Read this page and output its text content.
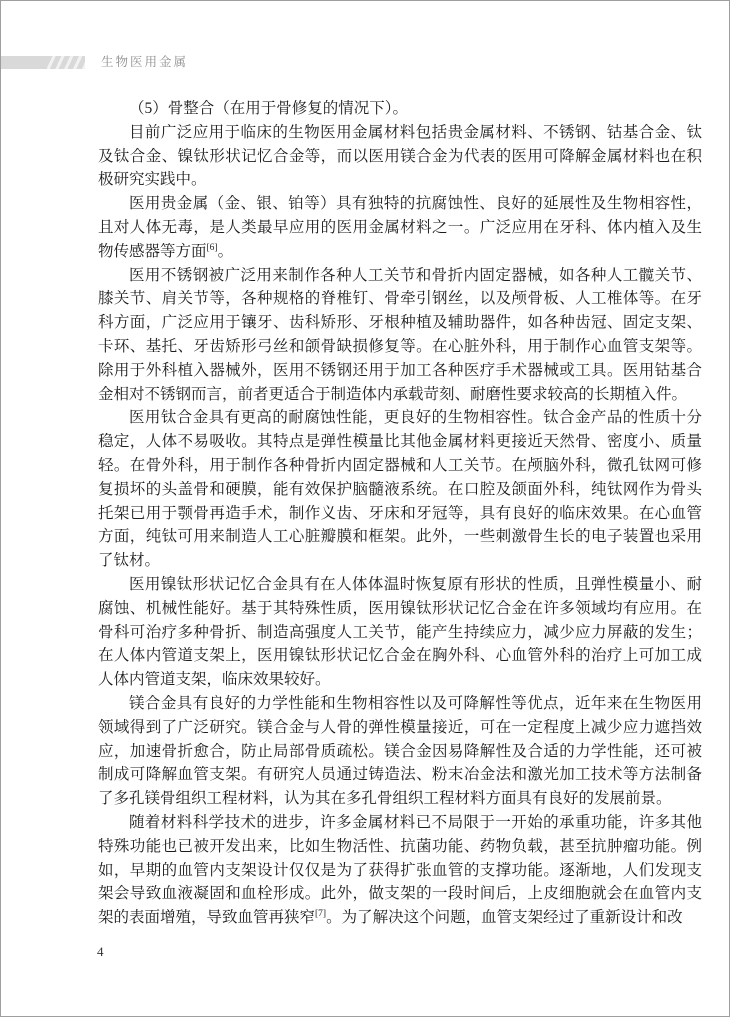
生物医用金属

（5）骨整合（在用于骨修复的情况下）。

目前广泛应用于临床的生物医用金属材料包括贵金属材料、不锈钢、钴基合金、钛及钛合金、镍钛形状记忆合金等，而以医用镁合金为代表的医用可降解金属材料也在积极研究实践中。

医用贵金属（金、银、铂等）具有独特的抗腐蚀性、良好的延展性及生物相容性，且对人体无毒，是人类最早应用的医用金属材料之一。广泛应用在牙科、体内植入及生物传感器等方面[6]。

医用不锈钢被广泛用来制作各种人工关节和骨折内固定器械，如各种人工髋关节、膝关节、肩关节等，各种规格的脊椎钉、骨牵引钢丝，以及颅骨板、人工椎体等。在牙科方面，广泛应用于镶牙、齿科矫形、牙根种植及辅助器件，如各种齿冠、固定支架、卡环、基托、牙齿矫形弓丝和颌骨缺损修复等。在心脏外科，用于制作心血管支架等。除用于外科植入器械外，医用不锈钢还用于加工各种医疗手术器械或工具。医用钴基合金相对不锈钢而言，前者更适合于制造体内承载苛刻、耐磨性要求较高的长期植入件。

医用钛合金具有更高的耐腐蚀性能，更良好的生物相容性。钛合金产品的性质十分稳定，人体不易吸收。其特点是弹性模量比其他金属材料更接近天然骨、密度小、质量轻。在骨外科，用于制作各种骨折内固定器械和人工关节。在颅脑外科，微孔钛网可修复损坏的头盖骨和硬膜，能有效保护脑髓液系统。在口腔及颌面外科，纯钛网作为骨头托架已用于颚骨再造手术，制作义齿、牙床和牙冠等，具有良好的临床效果。在心血管方面，纯钛可用来制造人工心脏瓣膜和框架。此外，一些刺激骨生长的电子装置也采用了钛材。

医用镍钛形状记忆合金具有在人体体温时恢复原有形状的性质，且弹性模量小、耐腐蚀、机械性能好。基于其特殊性质，医用镍钛形状记忆合金在许多领域均有应用。在骨科可治疗多种骨折、制造高强度人工关节，能产生持续应力，减少应力屏蔽的发生；在人体内管道支架上，医用镍钛形状记忆合金在胸外科、心血管外科的治疗上可加工成人体内管道支架，临床效果较好。

镁合金具有良好的力学性能和生物相容性以及可降解性等优点，近年来在生物医用领域得到了广泛研究。镁合金与人骨的弹性模量接近，可在一定程度上减少应力遮挡效应，加速骨折愈合，防止局部骨质疏松。镁合金因易降解性及合适的力学性能，还可被制成可降解血管支架。有研究人员通过铸造法、粉末冶金法和激光加工技术等方法制备了多孔镁骨组织工程材料，认为其在多孔骨组织工程材料方面具有良好的发展前景。

随着材料科学技术的进步，许多金属材料已不局限于一开始的承重功能，许多其他特殊功能也已被开发出来，比如生物活性、抗菌功能、药物负载，甚至抗肿瘤功能。例如，早期的血管内支架设计仅仅是为了获得扩张血管的支撑功能。逐渐地，人们发现支架会导致血液凝固和血栓形成。此外，做支架的一段时间后，上皮细胞就会在血管内支架的表面增殖，导致血管再狭窄[7]。为了解决这个问题，血管支架经过了重新设计和改

4
